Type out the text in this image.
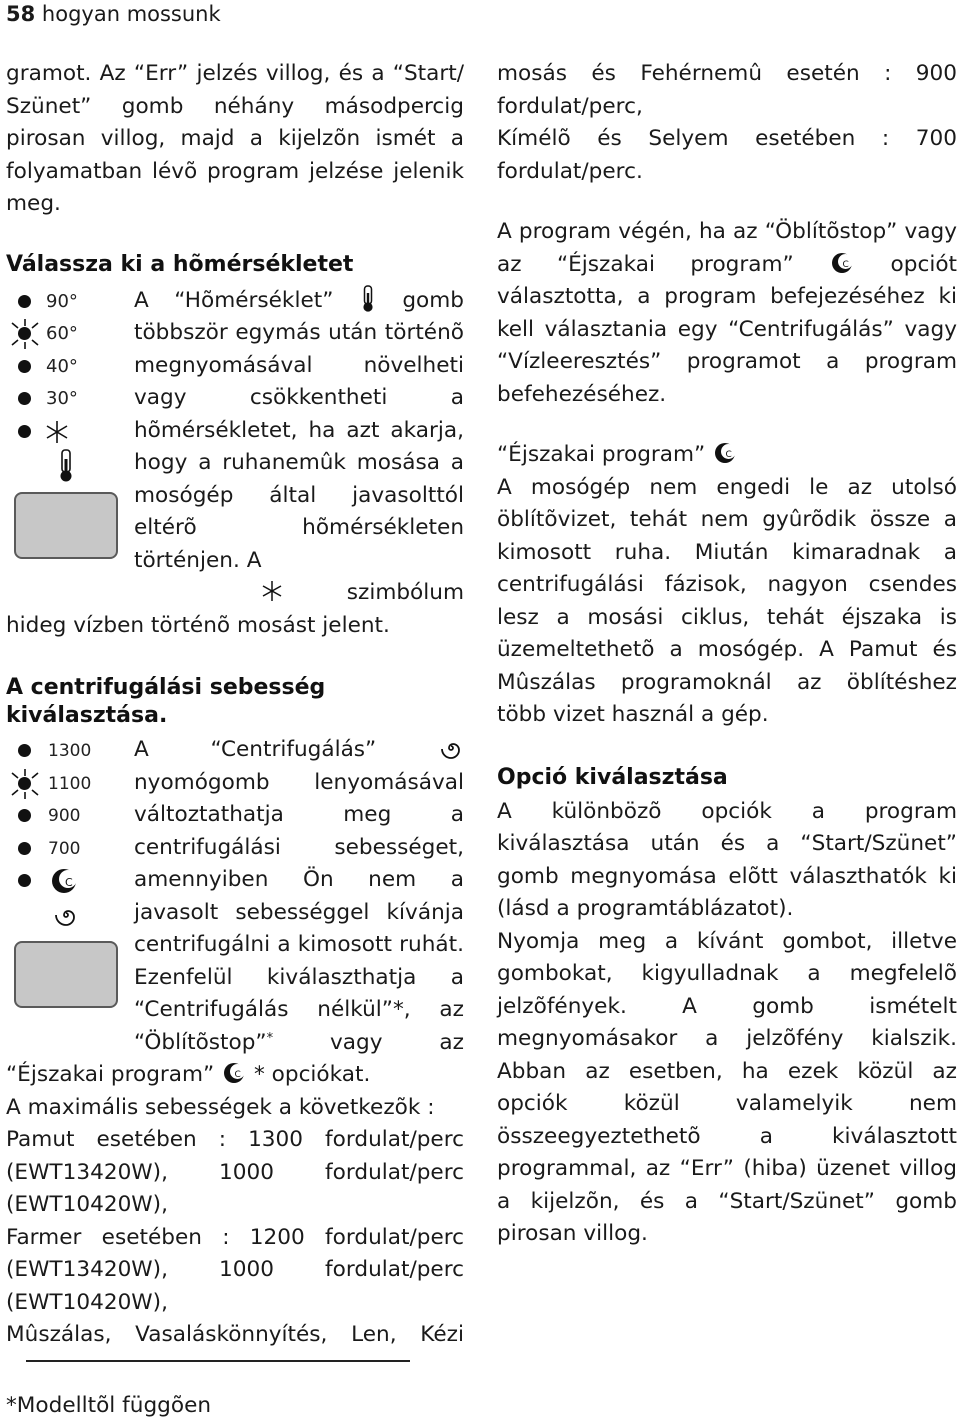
58 hogyan mossunk

gramot. Az “Err” jelzés villog, és a “Start/ Szünet” gomb néhány másodpercig pirosan villog, majd a kijelzõn ismét a folyamatban lévõ program jelzése jelenik meg.

Válassza ki a hõmérsékletet
90°
60°
40°
30°

A “Hõmérséklet”	gomb többször egymás után történõ megnyomásával növelheti vagy csökkentheti a hõmérsékletet, ha azt akarja, hogy a ruhanemûk mosása a mosógép által javasolttól eltérõ hõmérsékleten történjen. A

szimbólum hideg vízben történõ mosást jelent.

A centrifugálási sebesség kiválasztása.
1300
1100
900
700
C

A “Centrifugálás”
nyomógomb lenyomásával változtathatja meg a centrifugálási sebességet, amennyiben Ön nem a javasolt sebességgel kívánja centrifugálni a kimosott ruhát. Ezenfelül kiválaszthatja a “Centrifugálás nélkül”*, az “Öblítõstop”*	vagy az “Éjszakai program” C * opciókat.

A maximális sebességek a következõk :

Pamut esetében : 1300 fordulat/perc (EWT13420W), 1000 fordulat/perc (EWT10420W),

Farmer esetében : 1200 fordulat/perc (EWT13420W), 1000 fordulat/perc (EWT10420W),

Mûszálas, Vasaláskönnyítés, Len, Kézi

mosás és Fehérnemû esetén : 900 fordulat/perc,

Kímélõ és Selyem esetében : 700 fordulat/perc.

A program végén, ha az “Öblítõstop” vagy az “Éjszakai program”	C opciót választotta, a program befejezéséhez ki kell választania egy “Centrifugálás” vagy “Vízleeresztés” programot a program befehezéséhez.

“Éjszakai program” C

A mosógép nem engedi le az utolsó öblítõvizet, tehát nem gyûrõdik össze a kimosott ruha. Miután kimaradnak a centrifugálási fázisok, nagyon csendes lesz a mosási ciklus, tehát éjszaka is üzemeltethetõ a mosógép. A Pamut és Mûszálas programoknál az öblítéshez több vizet használ a gép.

Opció kiválasztása

A különbözõ opciók a program kiválasztása után és a “Start/Szünet” gomb megnyomása elõtt választhatók ki (lásd a programtáblázatot).

Nyomja meg a kívánt gombot, illetve gombokat, kigyulladnak a megfelelõ jelzõfények. A gomb ismételt megnyomásakor a jelzõfény kialszik. Abban az esetben, ha ezek közül az opciók közül valamelyik nem összeegyeztethetõ a kiválasztott programmal, az “Err” (hiba) üzenet villog a kijelzõn, és a “Start/Szünet” gomb pirosan villog.

*Modelltõl függõen
